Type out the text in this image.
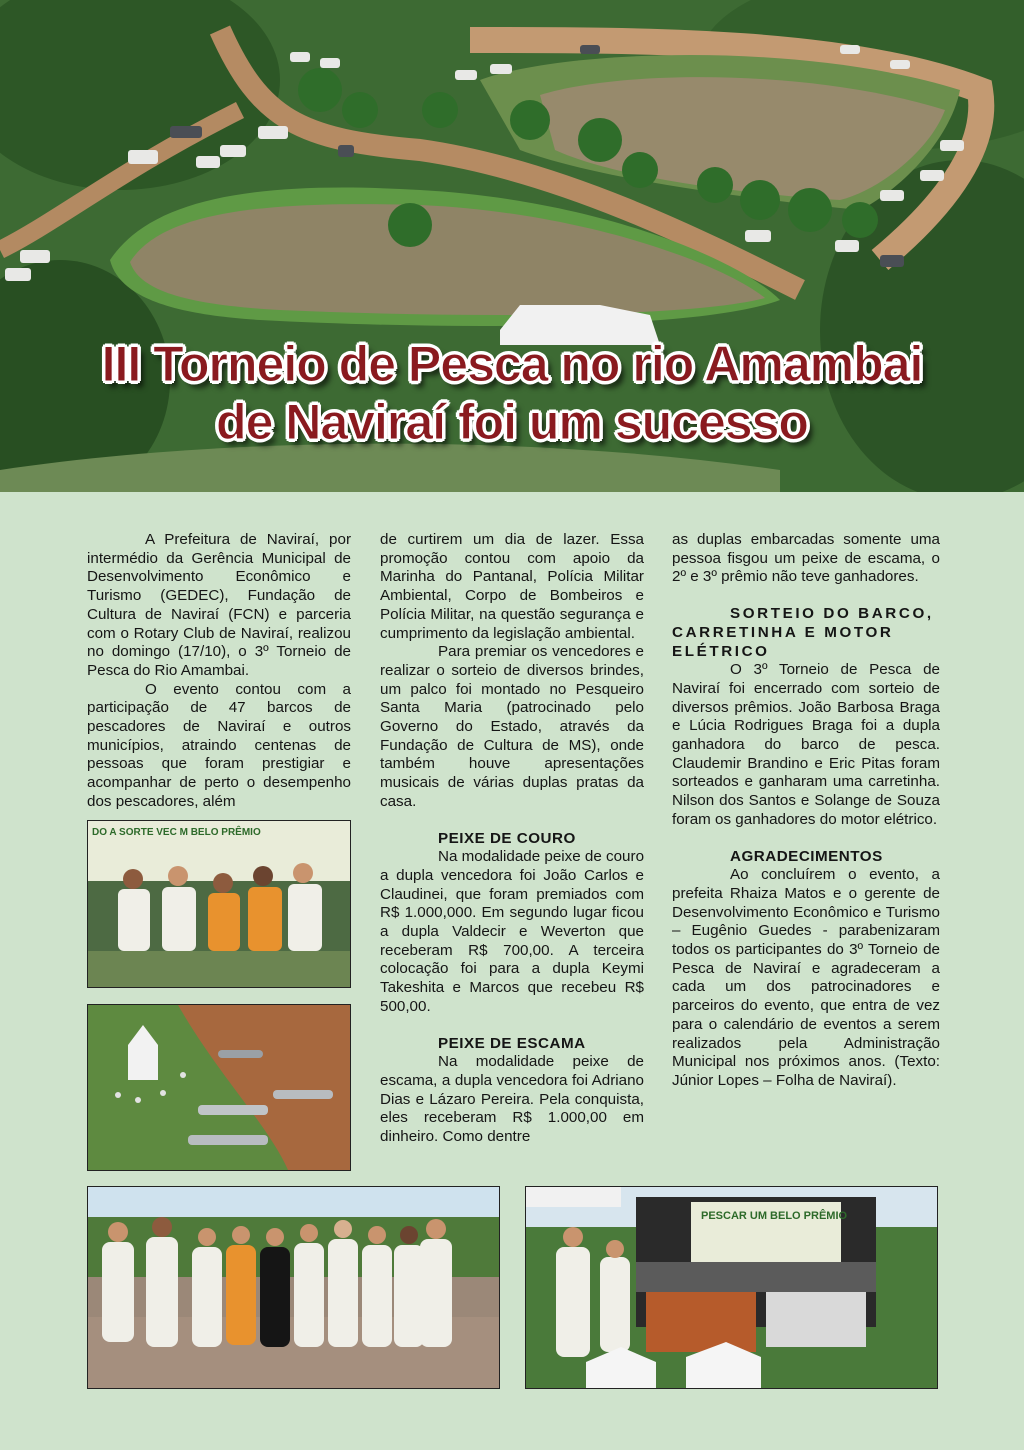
III Torneio de Pesca no rio Amambai
de Naviraí foi um sucesso

A Prefeitura de Naviraí, por intermédio da Gerência Municipal de Desenvolvimento Econômico e Turismo (GEDEC), Fundação de Cultura de Naviraí (FCN) e parceria com o Rotary Club de Naviraí, realizou no domingo (17/10), o 3º Torneio de Pesca do Rio Amambai.

O evento contou com a participação de 47 barcos de pescadores de Naviraí e outros municípios, atraindo centenas de pessoas que foram prestigiar e acompanhar de perto o desempenho dos pescadores, além

de curtirem um dia de lazer. Essa promoção contou com apoio da Marinha do Pantanal, Polícia Militar Ambiental, Corpo de Bombeiros e Polícia Militar, na questão segurança e cumprimento da legislação ambiental.

Para premiar os vencedores e realizar o sorteio de diversos brindes, um palco foi montado no Pesqueiro Santa Maria (patrocinado pelo Governo do Estado, através da Fundação de Cultura de MS), onde também houve apresentações musicais de várias duplas pratas da casa.

PEIXE DE COURO

Na modalidade peixe de couro a dupla vencedora foi João Carlos e Claudinei, que foram premiados com R$ 1.000,000. Em segundo lugar ficou a dupla Valdecir e Weverton que receberam R$ 700,00. A terceira colocação foi para a dupla Keymi Takeshita e Marcos que recebeu R$ 500,00.

PEIXE DE ESCAMA

Na modalidade peixe de escama, a dupla vencedora foi Adriano Dias e Lázaro Pereira. Pela conquista, eles receberam R$ 1.000,00 em dinheiro. Como dentre

as duplas embarcadas somente uma pessoa fisgou um peixe de escama, o 2º e 3º prêmio não teve ganhadores.

SORTEIO DO BARCO, CARRETINHA E MOTOR ELÉTRICO

O 3º Torneio de Pesca de Naviraí foi encerrado com sorteio de diversos prêmios. João Barbosa Braga e Lúcia Rodrigues Braga foi a dupla ganhadora do barco de pesca. Claudemir Brandino e Eric Pitas foram sorteados e ganharam uma carretinha. Nilson dos Santos e Solange de Souza foram os ganhadores do motor elétrico.

AGRADECIMENTOS

Ao concluírem o evento, a prefeita Rhaiza Matos e o gerente de Desenvolvimento Econômico e Turismo – Eugênio Guedes - parabenizaram todos os participantes do 3º Torneio de Pesca de Naviraí e agradeceram a cada um dos patrocinadores e parceiros do evento, que entra de vez para o calendário de eventos a serem realizados pela Administração Municipal nos próximos anos. (Texto: Júnior Lopes – Folha de Naviraí).

DO A SORTE VEC M BELO PRÊMIO
PESCAR UM BELO PRÊMIO
